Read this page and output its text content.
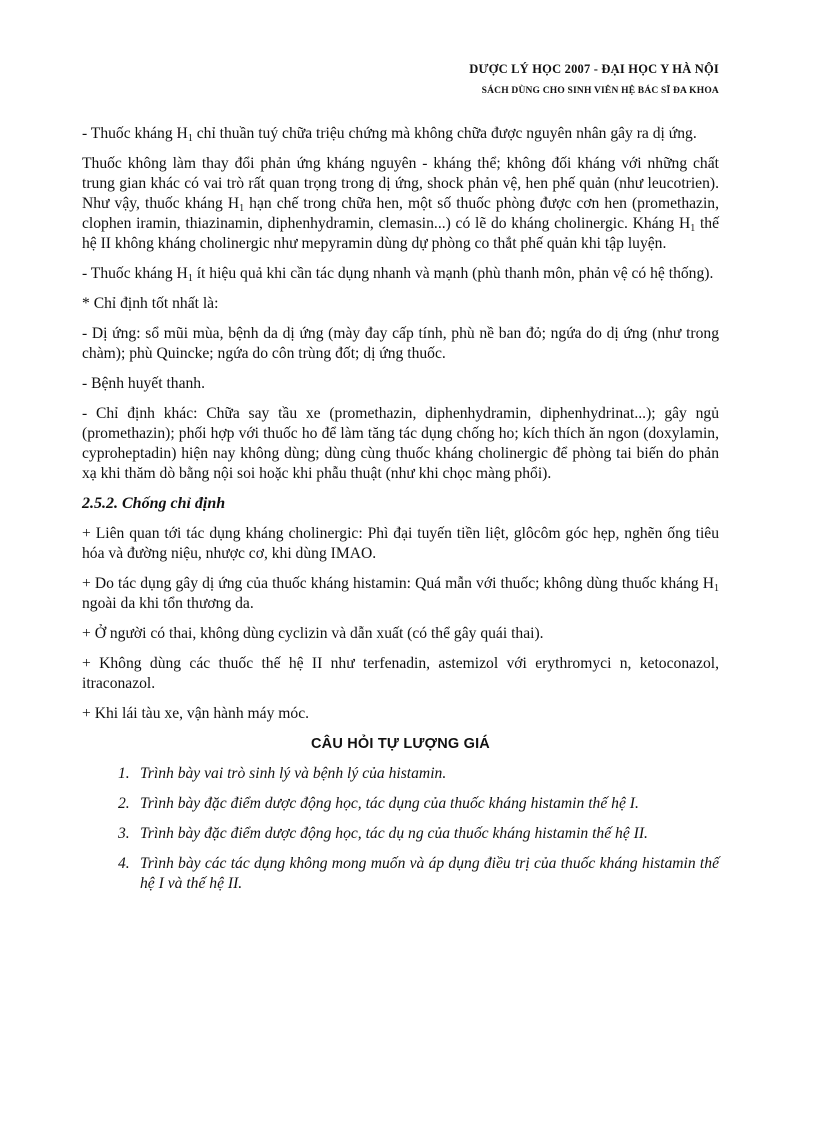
DƯỢC LÝ HỌC 2007 - ĐẠI HỌC Y HÀ NỘI
SÁCH DÙNG CHO SINH VIÊN HỆ BÁC SĨ ĐA KHOA

- Thuốc kháng $H_1$ chỉ thuần tuý chữa triệu chứng mà không chữa được nguyên nhân gây ra dị ứng.

Thuốc không làm thay đổi phản ứng kháng nguyên - kháng thể; không đối kháng với những chất trung gian khác có vai trò rất quan trọng trong dị ứng, shock phản vệ, hen phế quản (như leucotrien). Như vậy, thuốc kháng $H_1$ hạn chế trong chữa hen, một số thuốc phòng được cơn hen (promethazin, clophen iramin, thiazinamin, diphenhydramin, clemasin...) có lẽ do kháng cholinergic. Kháng $H_1$ thế hệ II không kháng cholinergic như mepyramin dùng dự phòng co thắt phế quản khi tập luyện.

- Thuốc kháng $H_1$ ít hiệu quả khi cần tác dụng nhanh và mạnh (phù thanh môn, phản vệ có hệ thống).

* Chỉ định tốt nhất là:

- Dị ứng: sổ mũi mùa, bệnh da dị ứng (mày đay cấp tính, phù nề ban đỏ; ngứa do dị ứng (như trong chàm); phù Quincke; ngứa do côn trùng đốt; dị ứng thuốc.

- Bệnh huyết thanh.

- Chỉ định khác: Chữa say tầu xe (promethazin, diphenhydramin, diphenhydrinat...); gây ngủ (promethazin); phối hợp với thuốc ho để làm tăng tác dụng chống ho; kích thích ăn ngon (doxylamin, cyproheptadin) hiện nay không dùng; dùng cùng thuốc kháng cholinergic để phòng tai biến do phản xạ khi thăm dò bằng nội soi hoặc khi phẫu thuật (như khi chọc màng phổi).

2.5.2. Chống chỉ định

+ Liên quan tới tác dụng kháng cholinergic: Phì đại tuyến tiền liệt, glôcôm góc hẹp, nghẽn ống tiêu hóa và đường niệu, nhược cơ, khi dùng IMAO.

+ Do tác dụng gây dị ứng của thuốc kháng histamin: Quá mẫn với thuốc; không dùng thuốc kháng $H_1$ ngoài da khi tổn thương da.

+ Ở người có thai, không dùng cyclizin và dẫn xuất (có thể gây quái thai).

+ Không dùng các thuốc thế hệ II như terfenadin, astemizol với erythromyci n, ketoconazol, itraconazol.

+ Khi lái tàu xe, vận hành máy móc.

CÂU HỎI TỰ LƯỢNG GIÁ
1. Trình bày vai trò sinh lý và bệnh lý của histamin.
2. Trình bày đặc điểm dược động học, tác dụng của thuốc kháng histamin thế hệ I.
3. Trình bày đặc điểm dược động học, tác dụ ng của thuốc kháng histamin thế hệ II.
4. Trình bày các tác dụng không mong muốn và áp dụng điều trị của thuốc kháng histamin thế hệ I và thế hệ II.
